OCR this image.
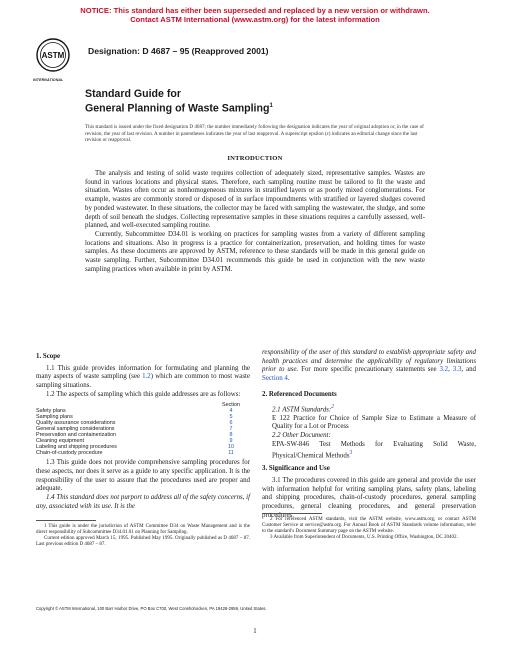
NOTICE: This standard has either been superseded and replaced by a new version or withdrawn.
Contact ASTM International (www.astm.org) for the latest information
ASTM
INTERNATIONAL
Designation: D 4687 – 95 (Reapproved 2001)
Standard Guide for
General Planning of Waste Sampling$^1$
This standard is issued under the fixed designation D 4687; the number immediately following the designation indicates the year of original adoption or, in the case of revision, the year of last revision. A number in parentheses indicates the year of last reapproval. A superscript epsilon (ε) indicates an editorial change since the last revision or reapproval.
INTRODUCTION

The analysis and testing of solid waste requires collection of adequately sized, representative samples. Wastes are found in various locations and physical states. Therefore, each sampling routine must be tailored to fit the waste and situation. Wastes often occur as nonhomogeneous mixtures in stratified layers or as poorly mixed conglomerations. For example, wastes are commonly stored or disposed of in surface impoundments with stratified or layered sludges covered by ponded wastewater. In these situations, the collector may be faced with sampling the wastewater, the sludge, and some depth of soil beneath the sludges. Collecting representative samples in these situations requires a carefully assessed, well-planned, and well-executed sampling routine.

Currently, Subcommittee D34.01 is working on practices for sampling wastes from a variety of different sampling locations and situations. Also in progress is a practice for containerization, preservation, and holding times for waste samples. As these documents are approved by ASTM, reference to these standards will be made in this general guide on waste sampling. Further, Subcommittee D34.01 recommends this guide be used in conjunction with the new waste sampling practices when available in print by ASTM.

1. Scope

1.1 This guide provides information for formulating and planning the many aspects of waste sampling (see 1.2) which are common to most waste sampling situations.

1.2 The aspects of sampling which this guide addresses are as follows:

Section
Safety plans	4
Sampling plans	5
Quality assurance considerations	6
General sampling considerations	7
Preservation and containerization	8
Cleaning equipment	9
Labeling and shipping procedures	10
Chain-of-custody procedure	11

1.3 This guide does not provide comprehensive sampling procedures for these aspects, nor does it serve as a guide to any specific application. It is the responsibility of the user to assure that the procedures used are proper and adequate.

1.4 This standard does not purport to address all of the safety concerns, if any, associated with its use. It is the

responsibility of the user of this standard to establish appropriate safety and health practices and determine the applicability of regulatory limitations prior to use. For more specific precautionary statements see 3.2, 3.3, and Section 4.

2. Referenced Documents

2.1 ASTM Standards:$^2$

E 122 Practice for Choice of Sample Size to Estimate a Measure of Quality for a Lot or Process

2.2 Other Document:

EPA-SW-846 Test Methods for Evaluating Solid Waste, Physical/Chemical Methods$^3$

3. Significance and Use

3.1 The procedures covered in this guide are general and provide the user with information helpful for writing sampling plans, safety plans, labeling and shipping procedures, chain-of-custody procedures, general sampling procedures, general cleaning procedures, and general preservation procedures.

1 This guide is under the jurisdiction of ASTM Committee D34 on Waste Management and is the direct responsibility of Subcommittee D34.01.01 on Planning for Sampling.

Current edition approved March 15, 1995. Published May 1995. Originally published as D 4687 – 87. Last previous edition D 4687 – 87.

2 For referenced ASTM standards, visit the ASTM website, www.astm.org, or contact ASTM Customer Service at service@astm.org. For Annual Book of ASTM Standards volume information, refer to the standard's Document Summary page on the ASTM website.

3 Available from Superintendent of Documents, U.S. Printing Office, Washington, DC 20402.

Copyright © ASTM International, 100 Barr Harbor Drive, PO Box C700, West Conshohocken, PA 19428-2959, United States.
1
